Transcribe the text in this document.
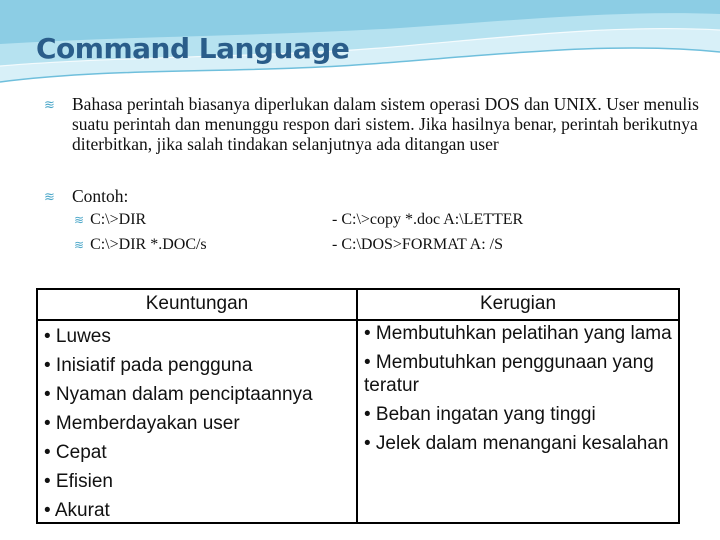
Command Language
≋ Bahasa perintah biasanya diperlukan dalam sistem operasi DOS dan UNIX. User menulis suatu perintah dan menunggu respon dari sistem. Jika hasilnya benar, perintah berikutnya diterbitkan, jika salah tindakan selanjutnya ada ditangan user
≋ Contoh:
≋ C:\>DIR
≋ C:\>DIR *.DOC/s
- C:\>copy *.doc A:\LETTER
- C:\DOS>FORMAT A: /S
Keuntungan	Kerugian
• Luwes
• Inisiatif pada pengguna
• Nyaman dalam penciptaannya
• Memberdayakan user
• Cepat
• Efisien
• Akurat
• Membutuhkan pelatihan yang lama
• Membutuhkan penggunaan yang teratur
• Beban ingatan yang tinggi
• Jelek dalam menangani kesalahan
